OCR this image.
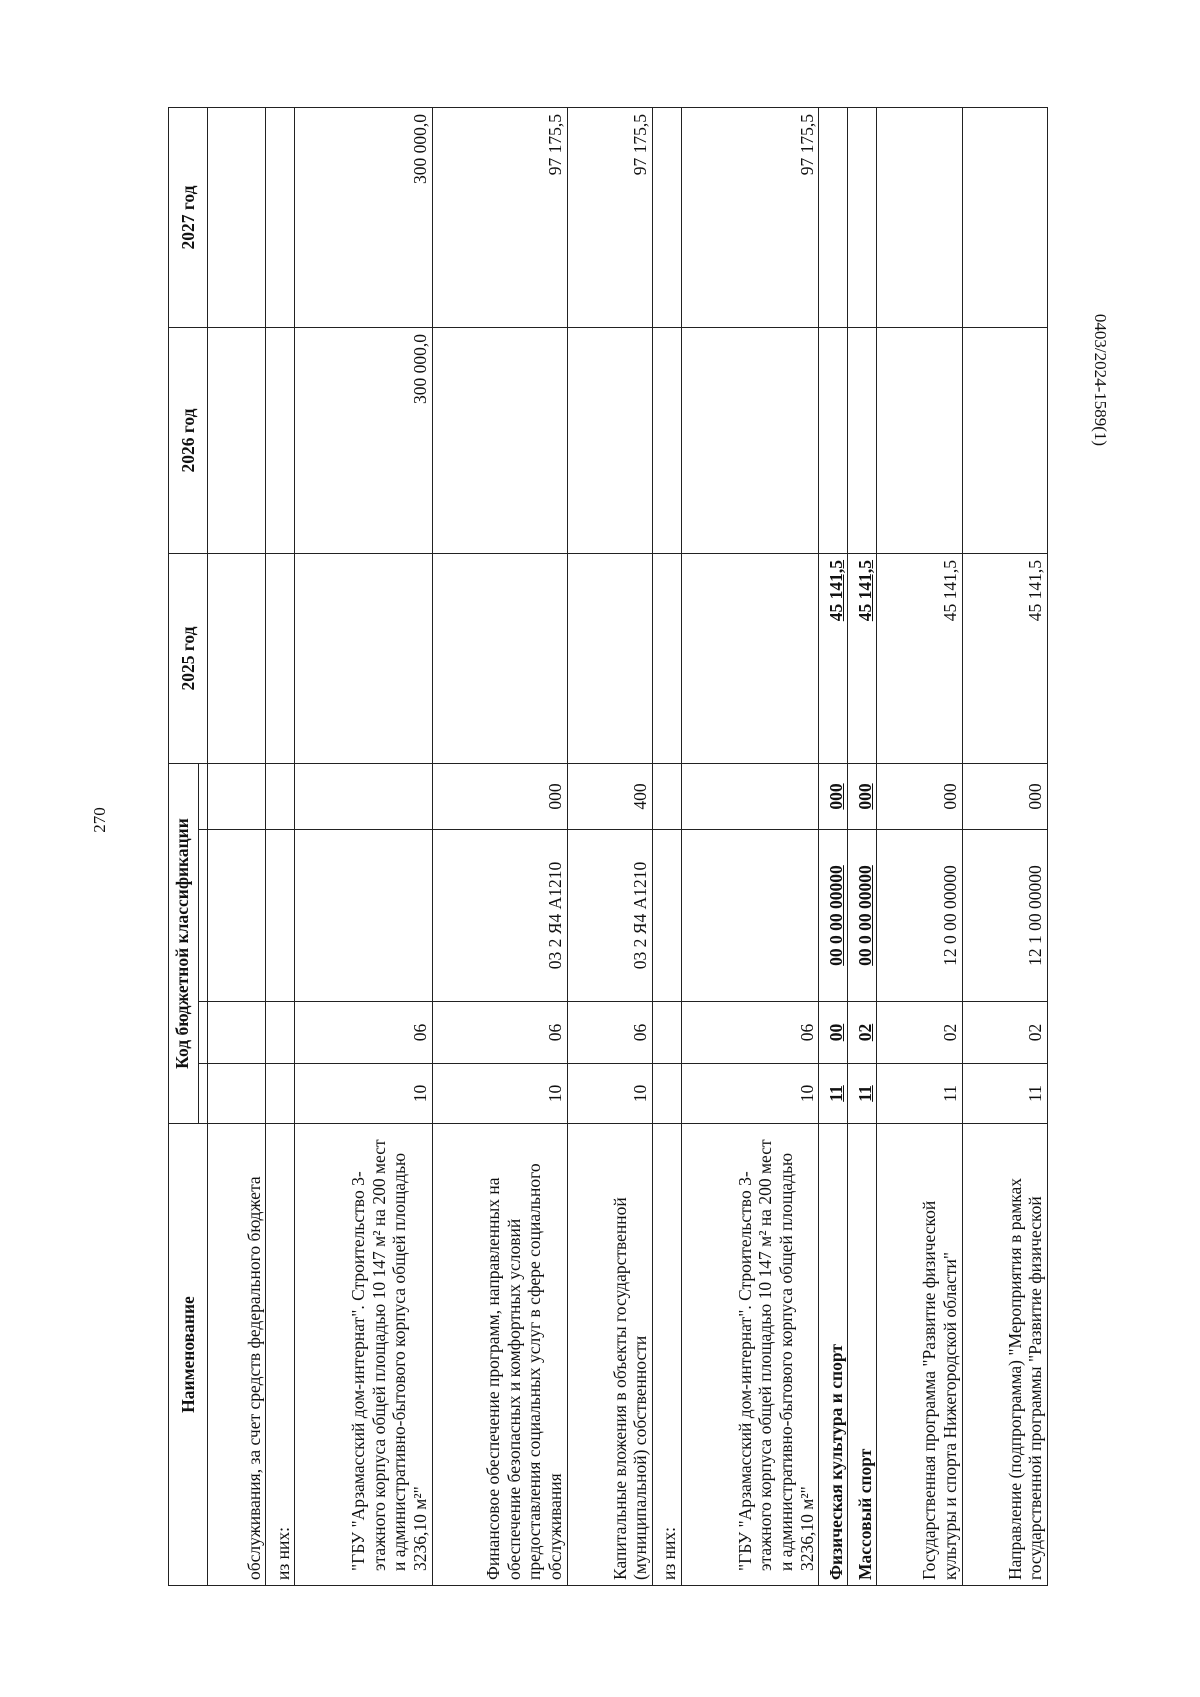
270
0403/2024-1589(1)
Наименование	Код бюджетной классификации				2025 год	2026 год	2027 год

обслуживания, за счет средств федерального бюджета							
из них:							
"ГБУ "Арзамасский дом-интернат". Строительство 3-этажного корпуса общей площадью 10 147 м² на 200 мест и административно-бытового корпуса общей площадью 3236,10 м²"	10	06				300 000,0	300 000,0
Финансовое обеспечение программ, направленных на обеспечение безопасных и комфортных условий предоставления социальных услуг в сфере социального обслуживания	10	06	03 2 Я4 А1210	000			97 175,5
Капитальные вложения в объекты государственной (муниципальной) собственности	10	06	03 2 Я4 А1210	400			97 175,5
из них:							
"ГБУ "Арзамасский дом-интернат". Строительство 3-этажного корпуса общей площадью 10 147 м² на 200 мест и административно-бытового корпуса общей площадью 3236,10 м²"	10	06					97 175,5
Физическая культура и спорт	11	00	00 0 00 00000	000	45 141,5		
Массовый спорт	11	02	00 0 00 00000	000	45 141,5		
Государственная программа "Развитие физической культуры и спорта Нижегородской области"	11	02	12 0 00 00000	000	45 141,5		
Направление (подпрограмма) "Мероприятия в рамках государственной программы "Развитие физической	11	02	12 1 00 00000	000	45 141,5		
